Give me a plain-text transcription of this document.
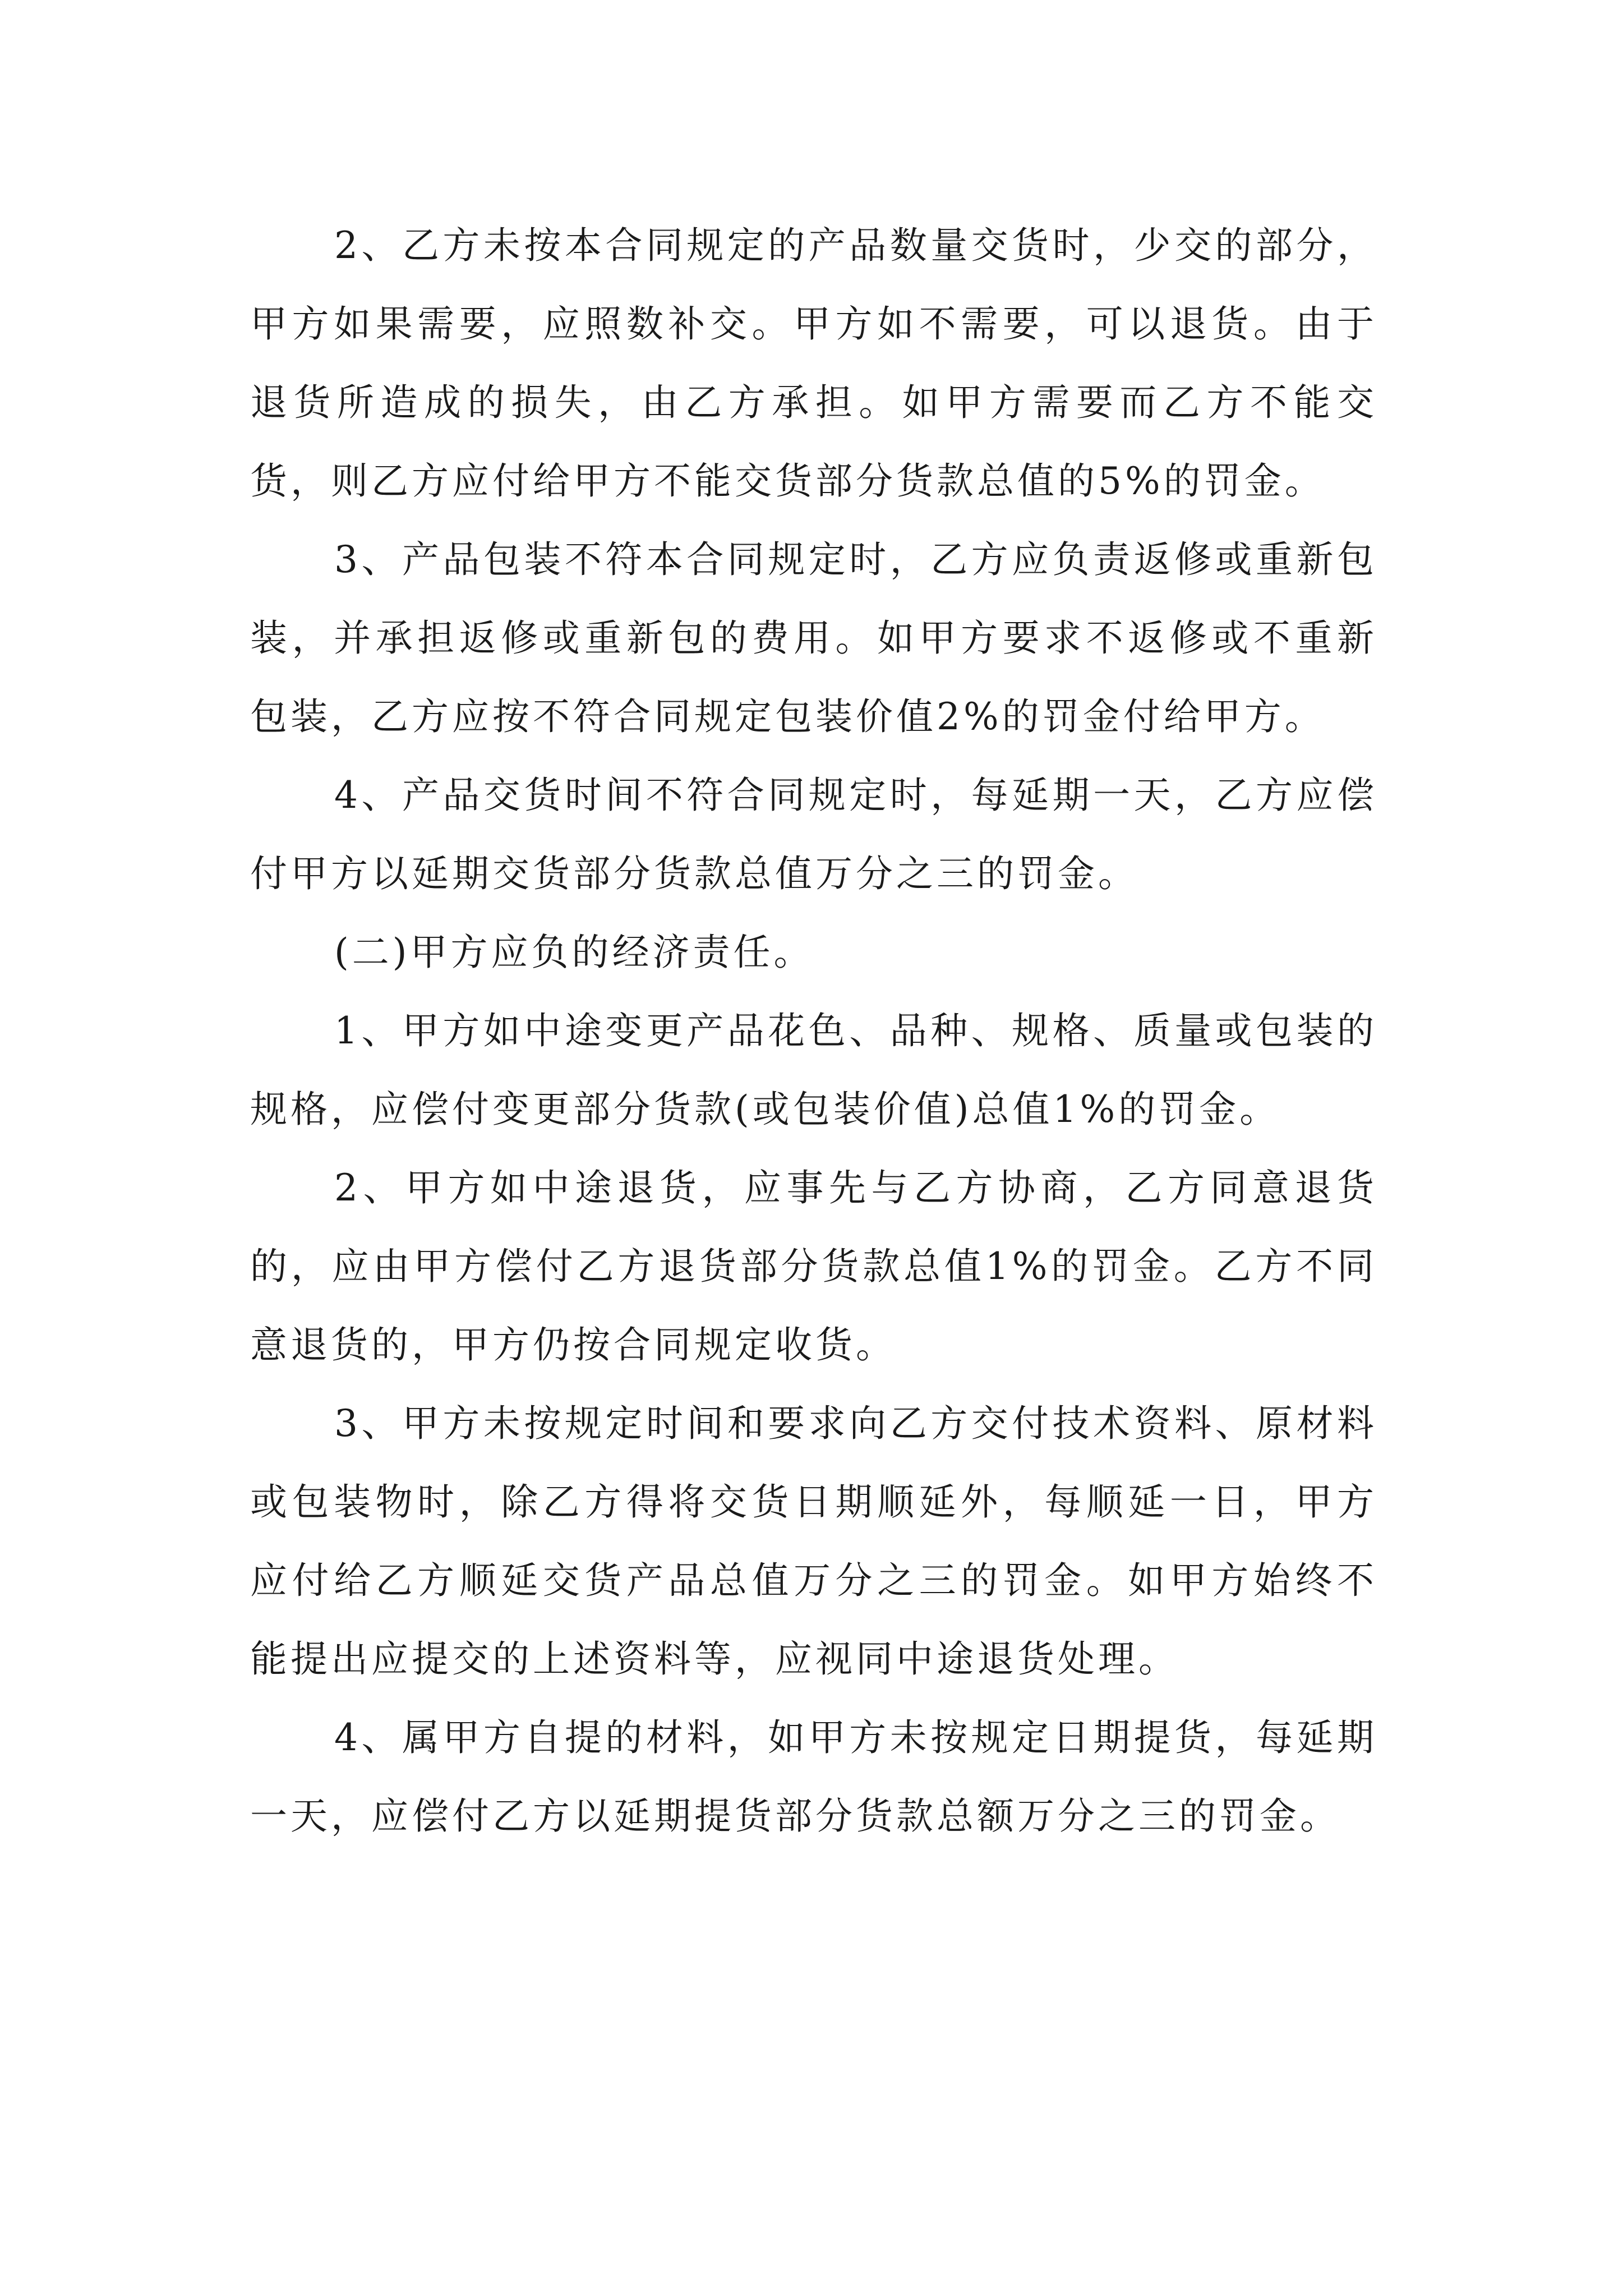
2、乙方未按本合同规定的产品数量交货时，少交的部分，甲方如果需要，应照数补交。甲方如不需要，可以退货。由于退货所造成的损失，由乙方承担。如甲方需要而乙方不能交货，则乙方应付给甲方不能交货部分货款总值的5%的罚金。

3、产品包装不符本合同规定时，乙方应负责返修或重新包装，并承担返修或重新包的费用。如甲方要求不返修或不重新包装，乙方应按不符合同规定包装价值2%的罚金付给甲方。

4、产品交货时间不符合同规定时，每延期一天，乙方应偿付甲方以延期交货部分货款总值万分之三的罚金。

(二)甲方应负的经济责任。

1、甲方如中途变更产品花色、品种、规格、质量或包装的规格，应偿付变更部分货款(或包装价值)总值1%的罚金。

2、甲方如中途退货，应事先与乙方协商，乙方同意退货的，应由甲方偿付乙方退货部分货款总值1%的罚金。乙方不同意退货的，甲方仍按合同规定收货。

3、甲方未按规定时间和要求向乙方交付技术资料、原材料或包装物时，除乙方得将交货日期顺延外，每顺延一日，甲方应付给乙方顺延交货产品总值万分之三的罚金。如甲方始终不能提出应提交的上述资料等，应视同中途退货处理。

4、属甲方自提的材料，如甲方未按规定日期提货，每延期一天，应偿付乙方以延期提货部分货款总额万分之三的罚金。
